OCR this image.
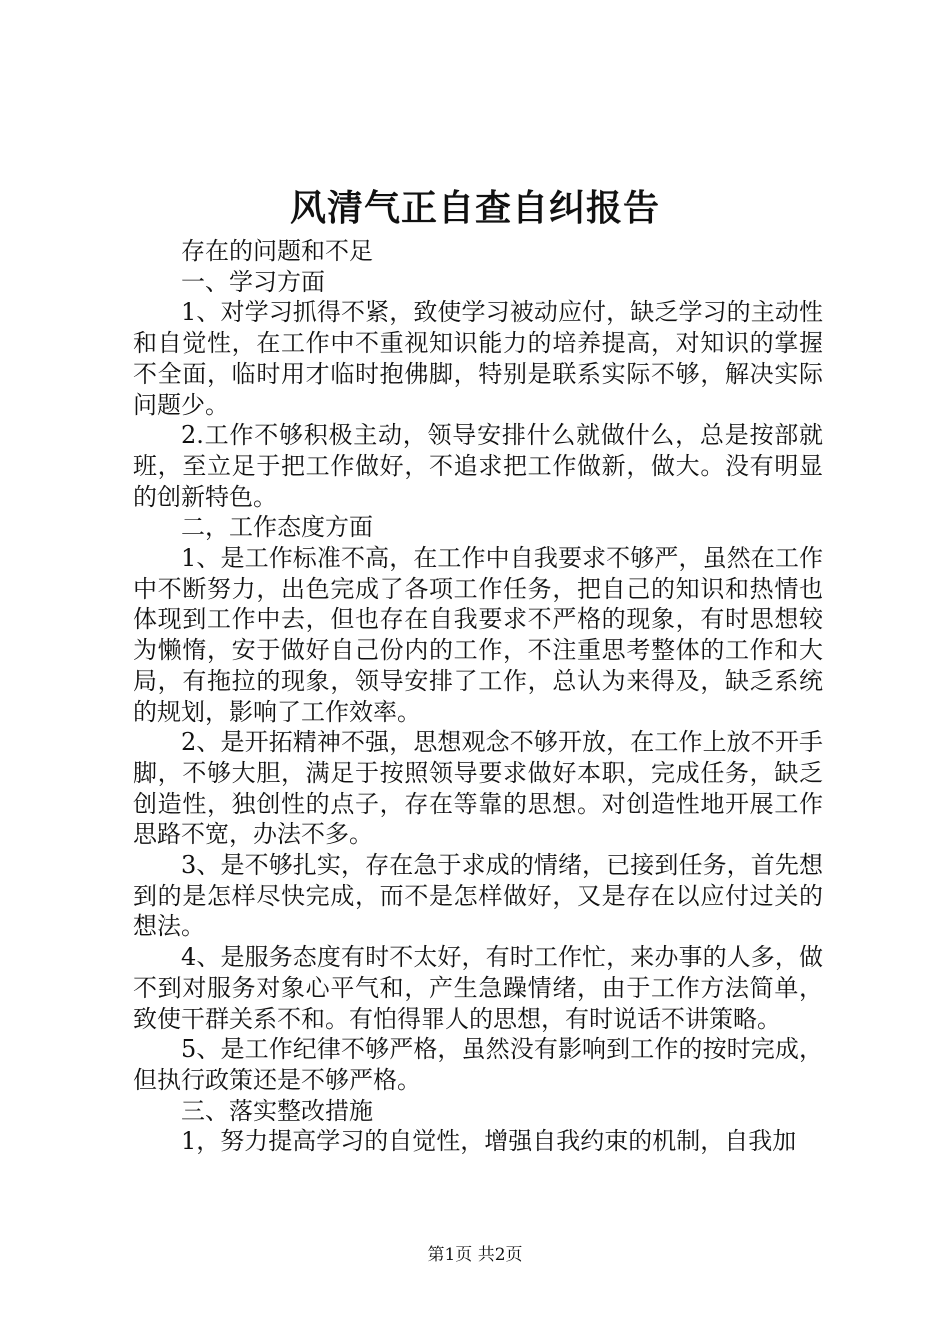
风清气正自查自纠报告

存在的问题和不足

一、学习方面

1、对学习抓得不紧，致使学习被动应付，缺乏学习的主动性和自觉性，在工作中不重视知识能力的培养提高，对知识的掌握不全面，临时用才临时抱佛脚，特别是联系实际不够，解决实际问题少。

2.工作不够积极主动，领导安排什么就做什么，总是按部就班，至立足于把工作做好，不追求把工作做新，做大。没有明显的创新特色。

二，工作态度方面

1、是工作标准不高，在工作中自我要求不够严，虽然在工作中不断努力，出色完成了各项工作任务，把自己的知识和热情也体现到工作中去，但也存在自我要求不严格的现象，有时思想较为懒惰，安于做好自己份内的工作，不注重思考整体的工作和大局，有拖拉的现象，领导安排了工作，总认为来得及，缺乏系统的规划，影响了工作效率。

2、是开拓精神不强，思想观念不够开放，在工作上放不开手脚，不够大胆，满足于按照领导要求做好本职，完成任务，缺乏创造性，独创性的点子，存在等靠的思想。对创造性地开展工作思路不宽，办法不多。

3、是不够扎实，存在急于求成的情绪，已接到任务，首先想到的是怎样尽快完成，而不是怎样做好，又是存在以应付过关的想法。

4、是服务态度有时不太好，有时工作忙，来办事的人多，做不到对服务对象心平气和，产生急躁情绪，由于工作方法简单，致使干群关系不和。有怕得罪人的思想，有时说话不讲策略。

5、是工作纪律不够严格，虽然没有影响到工作的按时完成，但执行政策还是不够严格。

三、落实整改措施

1，努力提高学习的自觉性，增强自我约束的机制，自我加

第1页 共2页
